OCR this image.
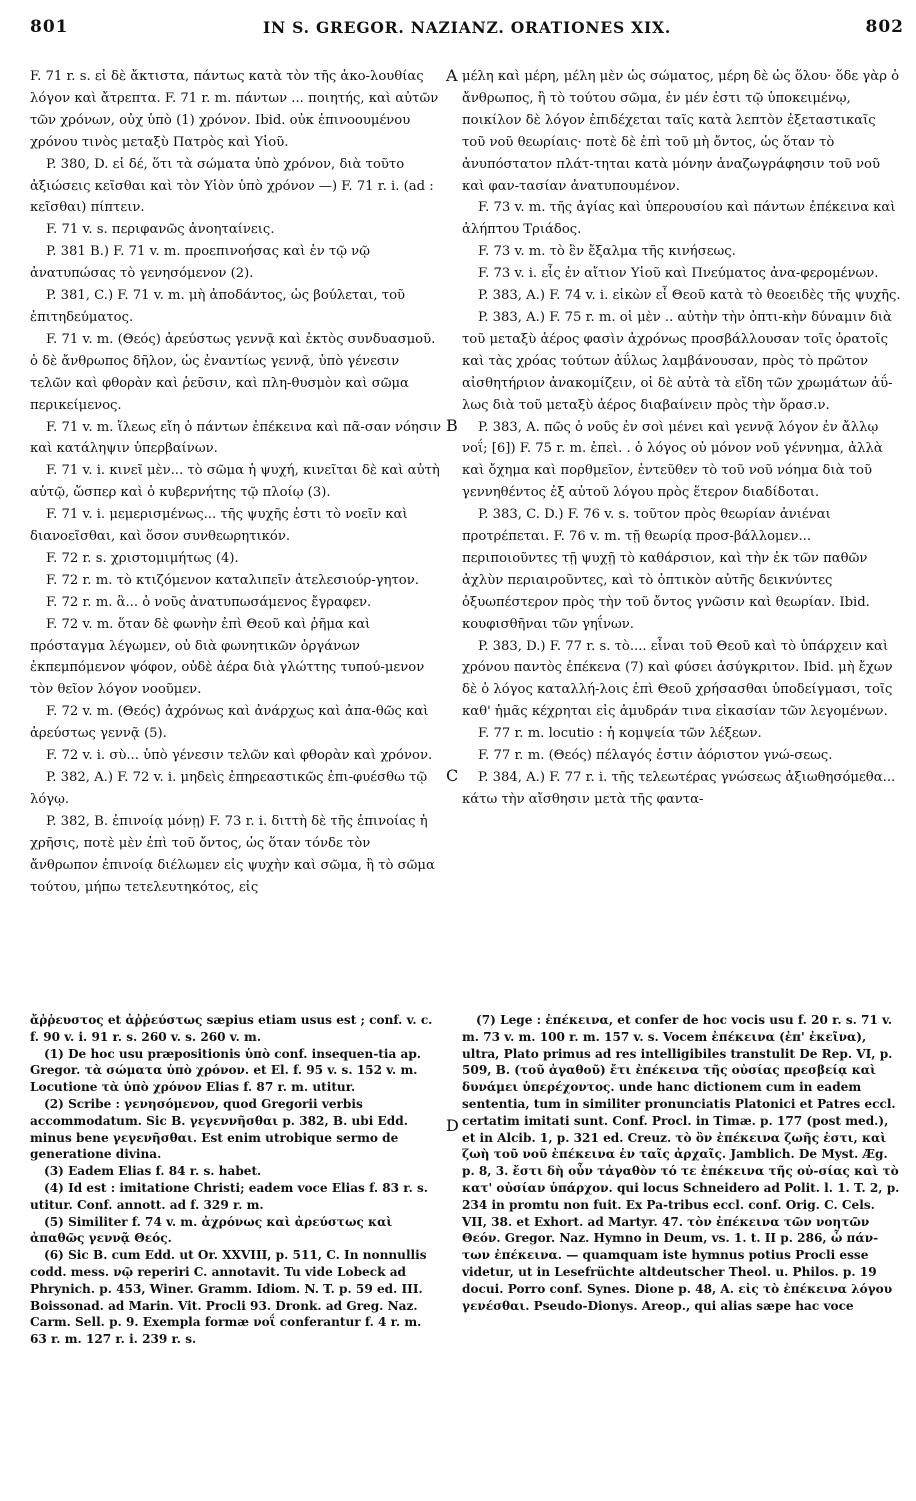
801	IN S. GREGOR. NAZIANZ. ORATIONES XIX.	802
A
B
C
D

F. 71 r. s. εἰ δὲ ἄκτιστα, πάντως κατὰ τὸν τῆς ἀκο-λουθίας λόγον καὶ ἄτρεπτα. F. 71 r. m. πάντων ... ποιητής, καὶ αὐτῶν τῶν χρόνων, οὐχ ὑπὸ (1) χρόνον. Ibid. οὐκ ἐπινοουμένου χρόνου τινὸς μεταξὺ Πατρὸς καὶ Υἱοῦ.

P. 380, D. εἰ δέ, ὅτι τὰ σώματα ὑπὸ χρόνον, διὰ τοῦτο ἀξιώσεις κεῖσθαι καὶ τὸν Υἱὸν ὑπὸ χρόνον —) F. 71 r. i. (ad : κεῖσθαι) πίπτειν.

F. 71 v. s. περιφανῶς ἀνοηταίνεις.

P. 381 B.) F. 71 v. m. προεπινοήσας καὶ ἐν τῷ νῷ ἀνατυπώσας τὸ γενησόμενον (2).

P. 381, C.) F. 71 v. m. μὴ ἀποδάντος, ὡς βούλεται, τοῦ ἐπιτηδεύματος.

F. 71 v. m. (Θεός) ἀρεύστως γεννᾷ καὶ ἐκτὸς συνδυασμοῦ. ὁ δὲ ἄνθρωπος δῆλον, ὡς ἐναντίως γεννᾷ, ὑπὸ γένεσιν τελῶν καὶ φθορὰν καὶ ῥεῦσιν, καὶ πλη-θυσμὸν καὶ σῶμα περικείμενος.

F. 71 v. m. ἵλεως εἴη ὁ πάντων ἐπέκεινα καὶ πᾶ-σαν νόησιν καὶ κατάληψιν ὑπερβαίνων.

F. 71 v. i. κινεῖ μὲν... τὸ σῶμα ἡ ψυχή, κινεῖται δὲ καὶ αὐτὴ αὐτῷ, ὥσπερ καὶ ὁ κυβερνήτης τῷ πλοίῳ (3).

F. 71 v. i. μεμερισμένως... τῆς ψυχῆς ἐστι τὸ νοεῖν καὶ διανοεῖσθαι, καὶ ὅσον συνθεωρητικόν.

F. 72 r. s. χριστομιμήτως (4).

F. 72 r. m. τὸ κτιζόμενον καταλιπεῖν ἀτελεσιούρ-γητον.

F. 72 r. m. ἃ... ὁ νοῦς ἀνατυπωσάμενος ἔγραφεν.

F. 72 v. m. ὅταν δὲ φωνὴν ἐπὶ Θεοῦ καὶ ῥῆμα καὶ πρόσταγμα λέγωμεν, οὐ διὰ φωνητικῶν ὀργάνων ἐκπεμπόμενον ψόφον, οὐδὲ ἀέρα διὰ γλώττης τυπού-μενον τὸν θεῖον λόγον νοοῦμεν.

F. 72 v. m. (Θεός) ἀχρόνως καὶ ἀνάρχως καὶ ἀπα-θῶς καὶ ἀρεύστως γεννᾷ (5).

F. 72 v. i. σὺ... ὑπὸ γένεσιν τελῶν καὶ φθορὰν καὶ χρόνον.

P. 382, A.) F. 72 v. i. μηδεὶς ἐπηρεαστικῶς ἐπι-φυέσθω τῷ λόγῳ.

P. 382, B. ἐπινοίᾳ μόνῃ) F. 73 r. i. διττὴ δὲ τῆς ἐπινοίας ἡ χρῆσις, ποτὲ μὲν ἐπὶ τοῦ ὄντος, ὡς ὅταν τόνδε τὸν ἄνθρωπον ἐπινοίᾳ διέλωμεν εἰς ψυχὴν καὶ σῶμα, ἢ τὸ σῶμα τούτου, μήπω τετελευτηκότος, εἰς

μέλη καὶ μέρη, μέλη μὲν ὡς σώματος, μέρη δὲ ὡς ὅλου· ὅδε γὰρ ὁ ἄνθρωπος, ἢ τὸ τούτου σῶμα, ἐν μέν ἐστι τῷ ὑποκειμένῳ, ποικίλον δὲ λόγον ἐπιδέχεται ταῖς κατὰ λεπτὸν ἐξεταστικαῖς τοῦ νοῦ θεωρίαις· ποτὲ δὲ ἐπὶ τοῦ μὴ ὄντος, ὡς ὅταν τὸ ἀνυπόστατον πλάτ-τηται κατὰ μόνην ἀναζωγράφησιν τοῦ νοῦ καὶ φαν-τασίαν ἀνατυπουμένον.

F. 73 v. m. τῆς ἁγίας καὶ ὑπερουσίου καὶ πάντων ἐπέκεινα καὶ ἀλήπτου Τριάδος.

F. 73 v. m. τὸ ἓν ἔξαλμα τῆς κινήσεως.

F. 73 v. i. εἷς ἐν αἴτιον Υἱοῦ καὶ Πνεύματος ἀνα-φερομένων.

P. 383, A.) F. 74 v. i. εἰκὼν εἶ Θεοῦ κατὰ τὸ θεοειδὲς τῆς ψυχῆς.

P. 383, A.) F. 75 r. m. οἱ μὲν .. αὐτὴν τὴν ὀπτι-κὴν δύναμιν διὰ τοῦ μεταξὺ ἀέρος φασὶν ἀχρόνως προσβάλλουσαν τοῖς ὁρατοῖς καὶ τὰς χρόας τούτων ἀΰλως λαμβάνουσαν, πρὸς τὸ πρῶτον αἰσθητήριον ἀνακομίζειν, οἱ δὲ αὐτὰ τὰ εἴδη τῶν χρωμάτων ἀΰ-λως διὰ τοῦ μεταξὺ ἀέρος διαβαίνειν πρὸς τὴν ὅρασ.ν.

P. 383, A. πῶς ὁ νοῦς ἐν σοὶ μένει καὶ γεννᾷ λόγον ἐν ἄλλῳ νοΐ; [6]) F. 75 r. m. ἐπεὶ. . ὁ λόγος οὐ μόνον νοῦ γέννημα, ἀλλὰ καὶ ὄχημα καὶ πορθμεῖον, ἐντεῦθεν τὸ τοῦ νοῦ νόημα διὰ τοῦ γεννηθέντος ἐξ αὐτοῦ λόγου πρὸς ἕτερον διαδίδοται.

P. 383, C. D.) F. 76 v. s. τοῦτον πρὸς θεωρίαν ἀνιέναι προτρέπεται. F. 76 v. m. τῇ θεωρίᾳ προσ-βάλλομεν... περιποιοῦντες τῇ ψυχῇ τὸ καθάρσιον, καὶ τὴν ἐκ τῶν παθῶν ἀχλὺν περιαιροῦντες, καὶ τὸ ὀπτικὸν αὐτῆς δεικνύντες ὀξυωπέστερον πρὸς τὴν τοῦ ὄντος γνῶσιν καὶ θεωρίαν. Ibid. κουφισθῆναι τῶν γηΐνων.

P. 383, D.) F. 77 r. s. τὸ.... εἶναι τοῦ Θεοῦ καὶ τὸ ὑπάρχειν καὶ χρόνου παντὸς ἐπέκενα (7) καὶ φύσει ἀσύγκριτον. Ibid. μὴ ἔχων δὲ ὁ λόγος καταλλή-λοις ἐπὶ Θεοῦ χρήσασθαι ὑποδείγμασι, τοῖς καθ' ἡμᾶς κέχρηται εἰς ἀμυδράν τινα εἰκασίαν τῶν λεγομένων.

F. 77 r. m. locutio : ἡ κομψεία τῶν λέξεων.

F. 77 r. m. (Θεός) πέλαγός ἐστιν ἀόριστον γνώ-σεως.

P. 384, A.) F. 77 r. i. τῆς τελεωτέρας γνώσεως ἀξιωθησόμεθα... κάτω τὴν αἴσθησιν μετὰ τῆς φαντα-

ἄῤῥευστος et ἀῤῥεύστως sæpius etiam usus est ; conf. v. c. f. 90 v. i. 91 r. s. 260 v. s. 260 v. m.

(1) De hoc usu præpositionis ὑπὸ conf. insequen-tia ap. Gregor. τὰ σώματα ὑπὸ χρόνον. et El. f. 95 v. s. 152 v. m. Locutione τὰ ὑπὸ χρόνον Elias f. 87 r. m. utitur.

(2) Scribe : γενησόμενον, quod Gregorii verbis accommodatum. Sic B. γεγεννῆσθαι p. 382, B. ubi Edd. minus bene γεγενῆσθαι. Est enim utrobique sermo de generatione divina.

(3) Eadem Elias f. 84 r. s. habet.

(4) Id est : imitatione Christi; eadem voce Elias f. 83 r. s. utitur. Conf. annott. ad f. 329 r. m.

(5) Similiter f. 74 v. m. ἀχρόνως καὶ ἀρεύστως καὶ ἀπαθῶς γεννᾷ Θεός.

(6) Sic B. cum Edd. ut Or. XXVIII, p. 511, C. In nonnullis codd. mess. νῷ reperiri C. annotavit. Tu vide Lobeck ad Phrynich. p. 453, Winer. Gramm. Idiom. N. T. p. 59 ed. III. Boissonad. ad Marin. Vit. Procli 93. Dronk. ad Greg. Naz. Carm. Sell. p. 9. Exempla formæ νοΐ conferantur f. 4 r. m. 63 r. m. 127 r. i. 239 r. s.

(7) Lege : ἐπέκεινα, et confer de hoc vocis usu f. 20 r. s. 71 v. m. 73 v. m. 100 r. m. 157 v. s. Vocem ἐπέκεινα (ἐπ' ἐκεῖνα), ultra, Plato primus ad res intelligibiles transtulit De Rep. VI, p. 509, B. (τοῦ ἀγαθοῦ) ἔτι ἐπέκεινα τῆς οὐσίας πρεσβείᾳ καὶ δυνάμει ὑπερέχοντος. unde hanc dictionem cum in eadem sententia, tum in similiter pronunciatis Platonici et Patres eccl. certatim imitati sunt. Conf. Procl. in Timæ. p. 177 (post med.), et in Alcib. 1, p. 321 ed. Creuz. τὸ ὂν ἐπέκεινα ζωῆς ἐστι, καὶ ζωὴ τοῦ νοῦ ἐπέκεινα ἐν ταῖς ἀρχαῖς. Jamblich. De Myst. Æg. p. 8, 3. ἔστι δὴ οὖν τἀγαθὸν τό τε ἐπέκεινα τῆς οὐ-σίας καὶ τὸ κατ' οὐσίαν ὑπάρχον. qui locus Schneidero ad Polit. l. 1. T. 2, p. 234 in promtu non fuit. Ex Pa-tribus eccl. conf. Orig. C. Cels. VII, 38. et Exhort. ad Martyr. 47. τὸν ἐπέκεινα τῶν νοητῶν Θεόν. Gregor. Naz. Hymno in Deum, vs. 1. t. II p. 286, ὦ πάν-των ἐπέκεινα. — quamquam iste hymnus potius Procli esse videtur, ut in Lesefrüchte altdeutscher Theol. u. Philos. p. 19 docui. Porro conf. Synes. Dione p. 48, A. εἰς τὸ ἐπέκεινα λόγου γενέσθαι. Pseudo-Dionys. Areop., qui alias sæpe hac voce
